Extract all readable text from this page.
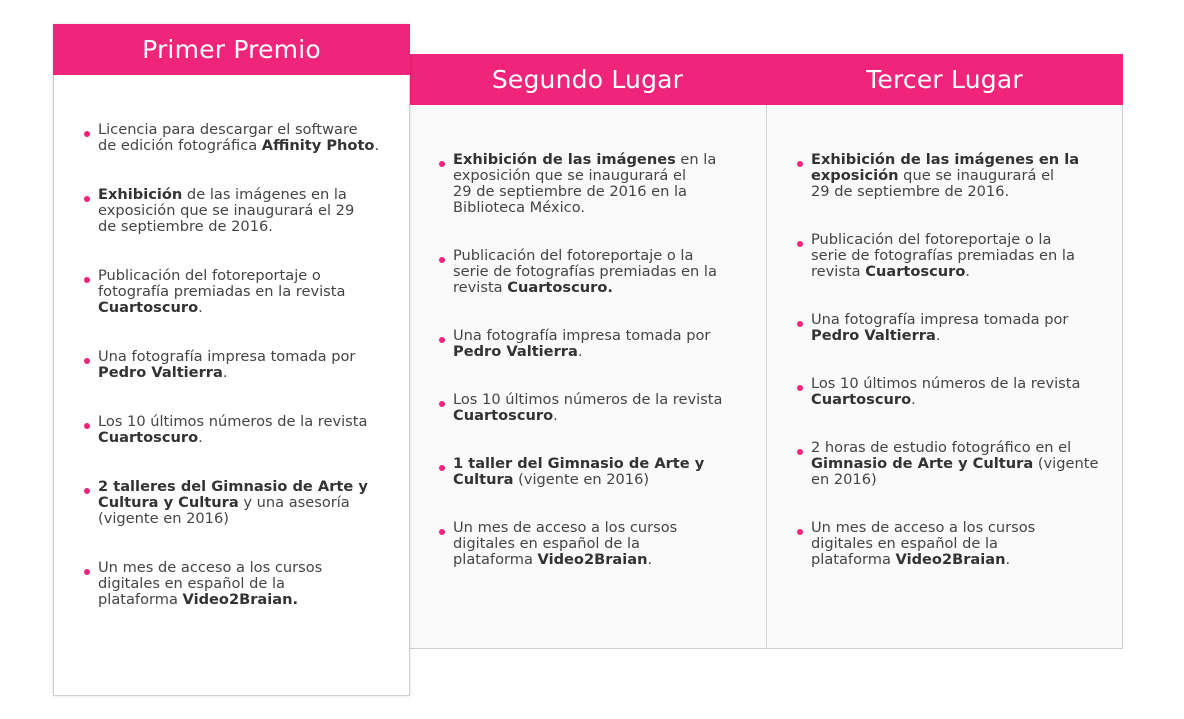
Primer Premio
Licencia para descargar el software
de edición fotográfica Affinity Photo.
Exhibición de las imágenes en la
exposición que se inaugurará el 29
de septiembre de 2016.
Publicación del fotoreportaje o
fotografía premiadas en la revista
Cuartoscuro.
Una fotografía impresa tomada por
Pedro Valtierra.
Los 10 últimos números de la revista
Cuartoscuro.
2 talleres del Gimnasio de Arte y
Cultura y Cultura y una asesoría
(vigente en 2016)
Un mes de acceso a los cursos
digitales en español de la
plataforma Video2Braian.
Segundo Lugar
Exhibición de las imágenes en la
exposición que se inaugurará el
29 de septiembre de 2016 en la
Biblioteca México.
Publicación del fotoreportaje o la
serie de fotografías premiadas en la
revista Cuartoscuro.
Una fotografía impresa tomada por
Pedro Valtierra.
Los 10 últimos números de la revista
Cuartoscuro.
1 taller del Gimnasio de Arte y
Cultura (vigente en 2016)
Un mes de acceso a los cursos
digitales en español de la
plataforma Video2Braian.
Tercer Lugar
Exhibición de las imágenes en la
exposición que se inaugurará el
29 de septiembre de 2016.
Publicación del fotoreportaje o la
serie de fotografías premiadas en la
revista Cuartoscuro.
Una fotografía impresa tomada por
Pedro Valtierra.
Los 10 últimos números de la revista
Cuartoscuro.
2 horas de estudio fotográfico en el
Gimnasio de Arte y Cultura (vigente
en 2016)
Un mes de acceso a los cursos
digitales en español de la
plataforma Video2Braian.
